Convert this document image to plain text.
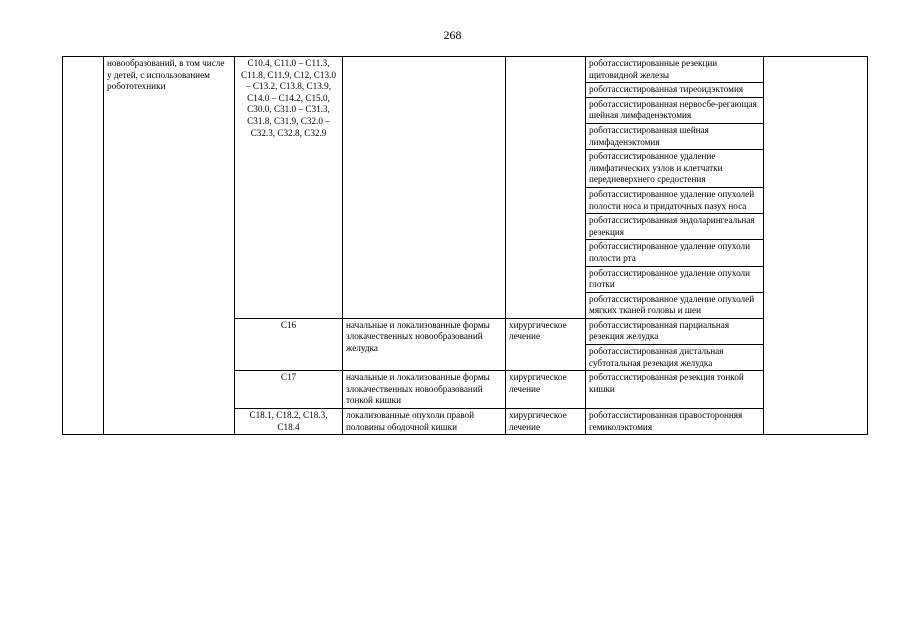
268
	новообразований, в том числе у детей, с использованием робототехники	C10.4, C11.0 – C11.3, C11.8, C11.9, C12, C13.0 – C13.2, C13.8, C13.9, C14.0 – C14.2, C15.0, C30.0, C31.0 – C31.3, C31.8, C31.9, C32.0 – C32.3, C32.8, C32.9			роботассистированные резекции щитовидной железы	
					роботассистированная тиреоидэктомия	
					роботассистированная нервосбе-регающая шейная лимфаденэктомия	
					роботассистированная шейная лимфаденэктомия	
					роботассистированное удаление лимфатических узлов и клетчатки передневерхнего средостения	
					роботассистированное удаление опухолей полости носа и придаточных пазух носа	
					роботассистированная эндоларингеальная резекция	
					роботассистированное удаление опухоли полости рта	
					роботассистированное удаление опухоли глотки	
					роботассистированное удаление опухолей мягких тканей головы и шеи	
		C16	начальные и локализованные формы злокачественных новообразований желудка	хирургическое лечение	роботассистированная парциальная резекция желудка	
					роботассистированная дистальная субтотальная резекция желудка	
		C17	начальные и локализованные формы злокачественных новообразований тонкой кишки	хирургическое лечение	роботассистированная резекция тонкой кишки	
		C18.1, C18.2, C18.3, C18.4	локализованные опухоли правой половины ободочной кишки	хирургическое лечение	роботассистированная правосторонняя гемиколэктомия	
